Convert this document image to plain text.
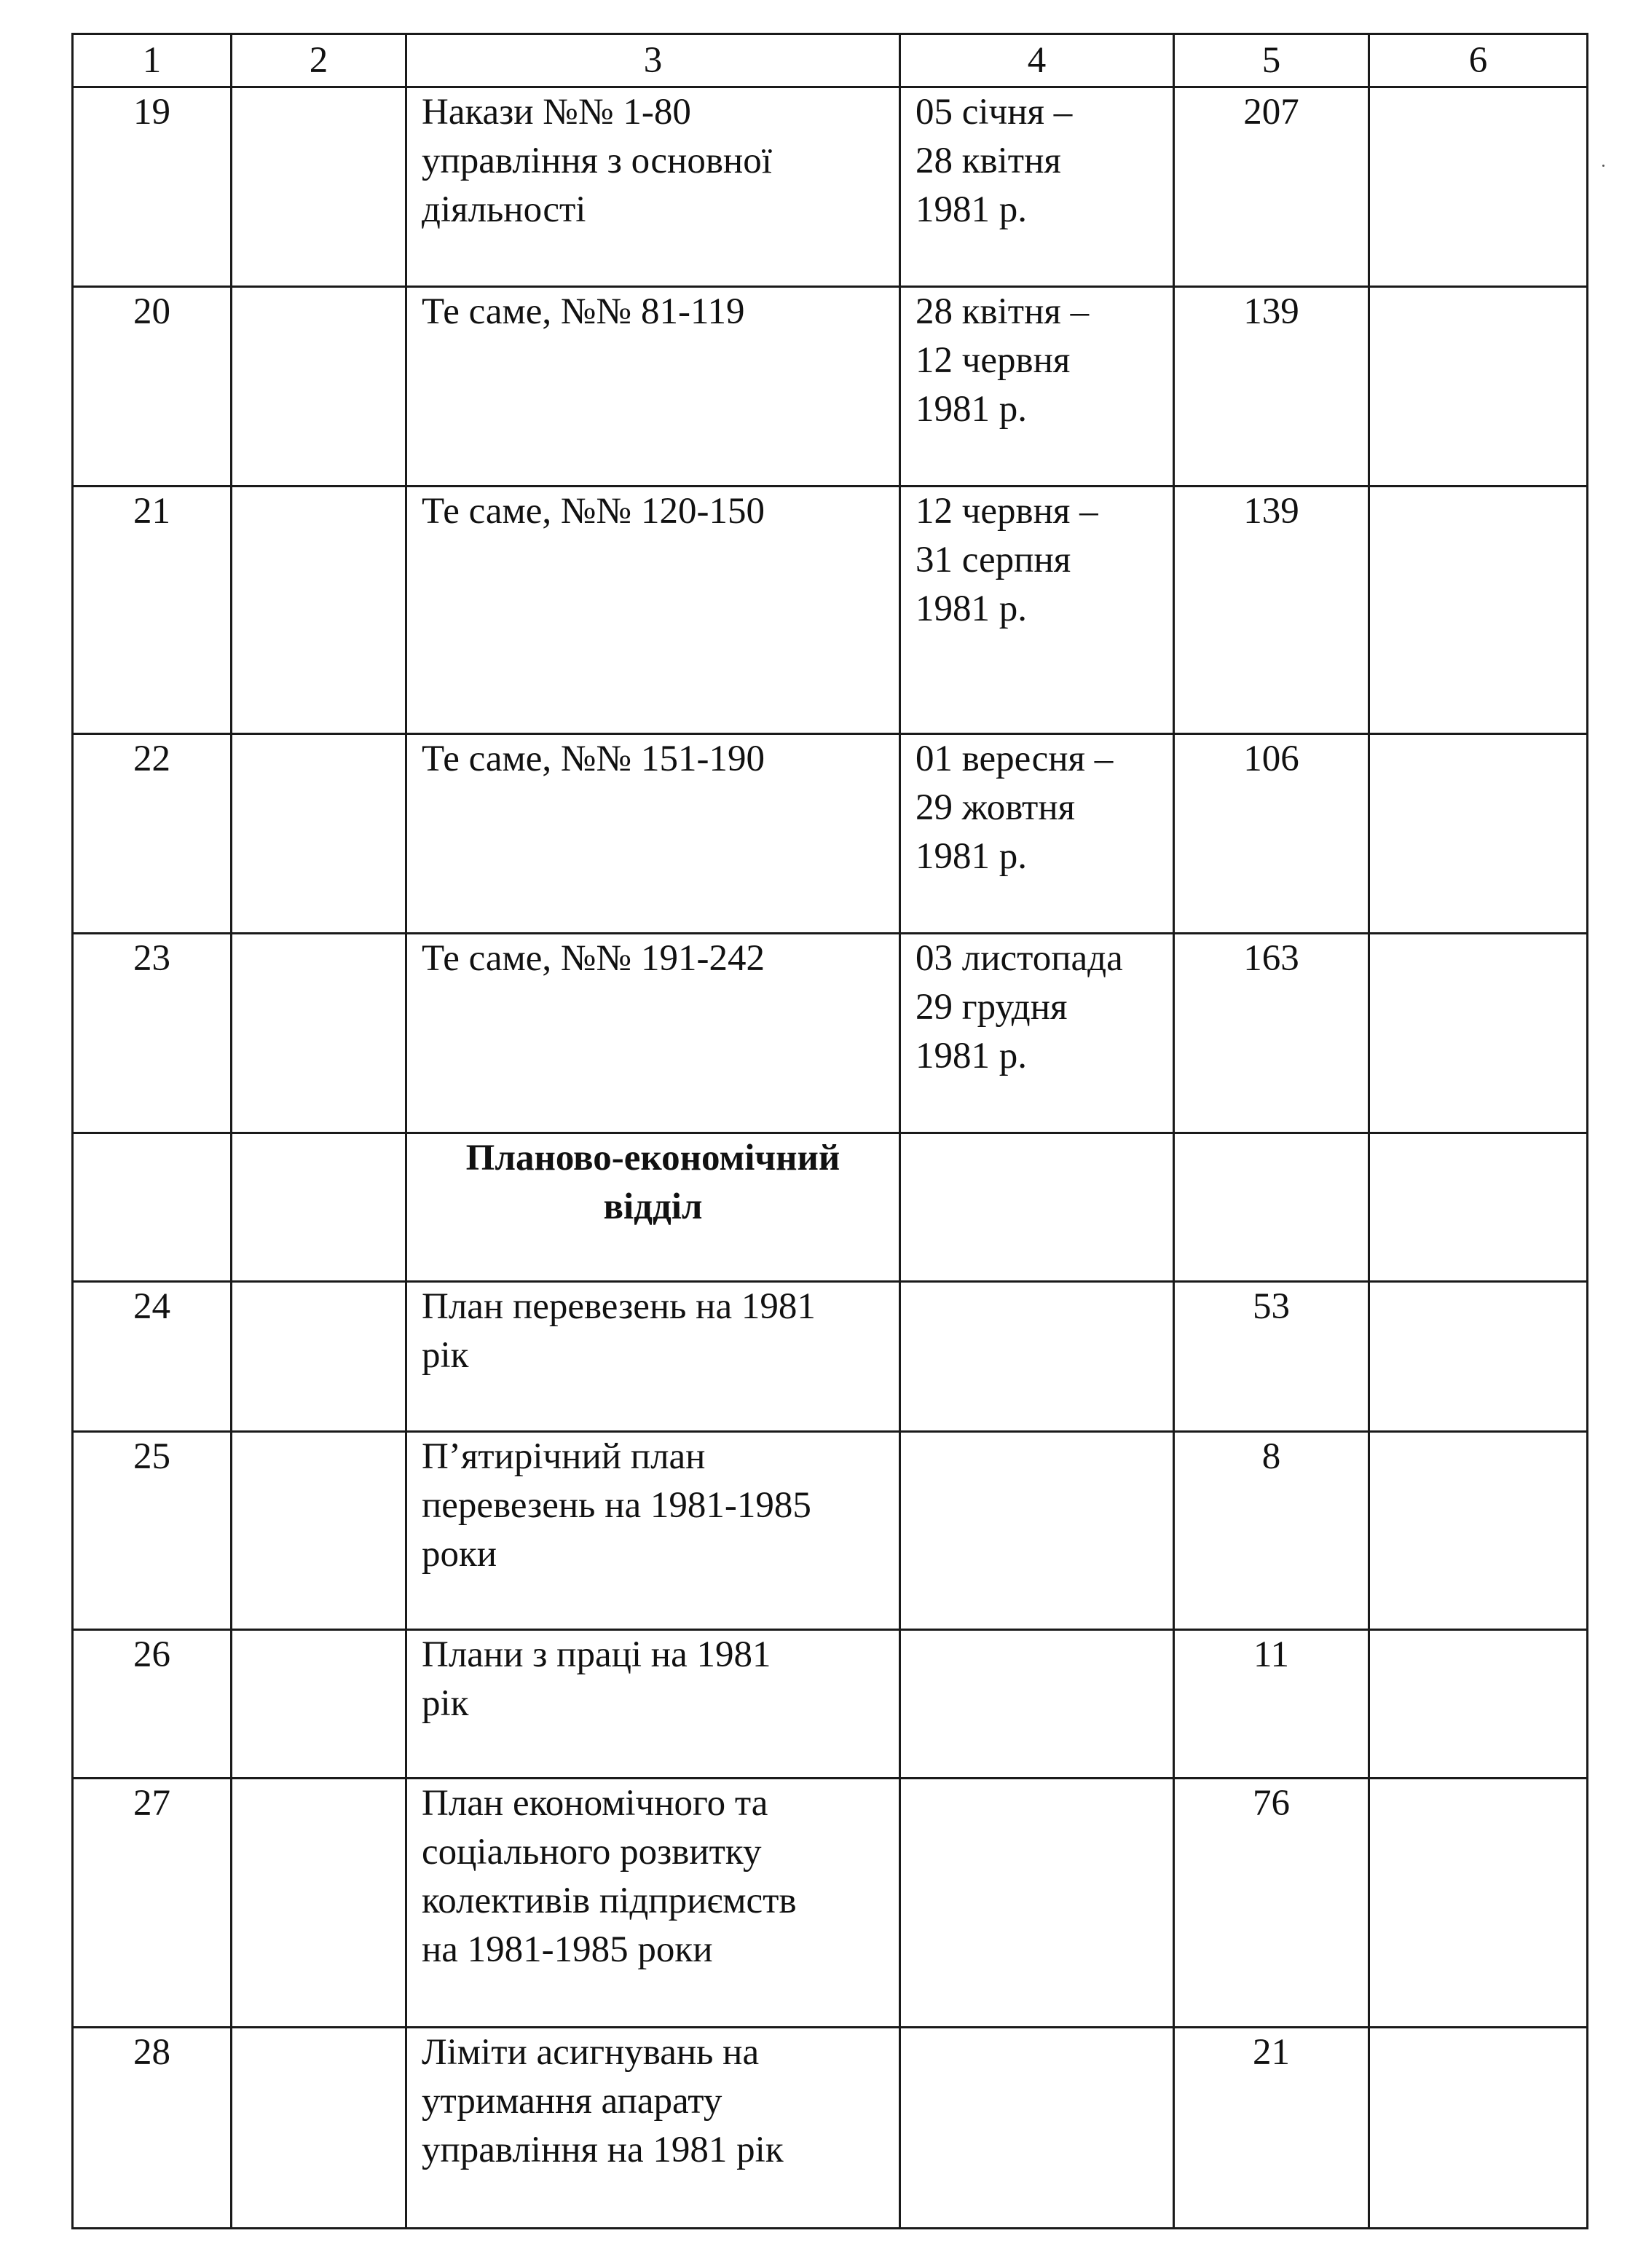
1	2	3	4	5	6
19		Накази №№ 1-80
управління з основної
діяльності	05 січня –
28 квітня
1981 р.	207	
20		Те саме, №№ 81-119	28 квітня –
12 червня
1981 р.	139	
21		Те саме, №№ 120-150	12 червня –
31 серпня
1981 р.	139	
22		Те саме, №№ 151-190	01 вересня –
29 жовтня
1981 р.	106	
23		Те саме, №№ 191-242	03 листопада
29 грудня
1981 р.	163	
		Планово-економічний
відділ			
24		План перевезень на 1981
рік		53	
25		П’ятирічний план
перевезень на 1981-1985
роки		8	
26		Плани з праці на 1981
рік		11	
27		План економічного та
соціального розвитку
колективів підприємств
на 1981-1985 роки		76	
28		Ліміти асигнувань на
утримання апарату
управління на 1981 рік		21	
